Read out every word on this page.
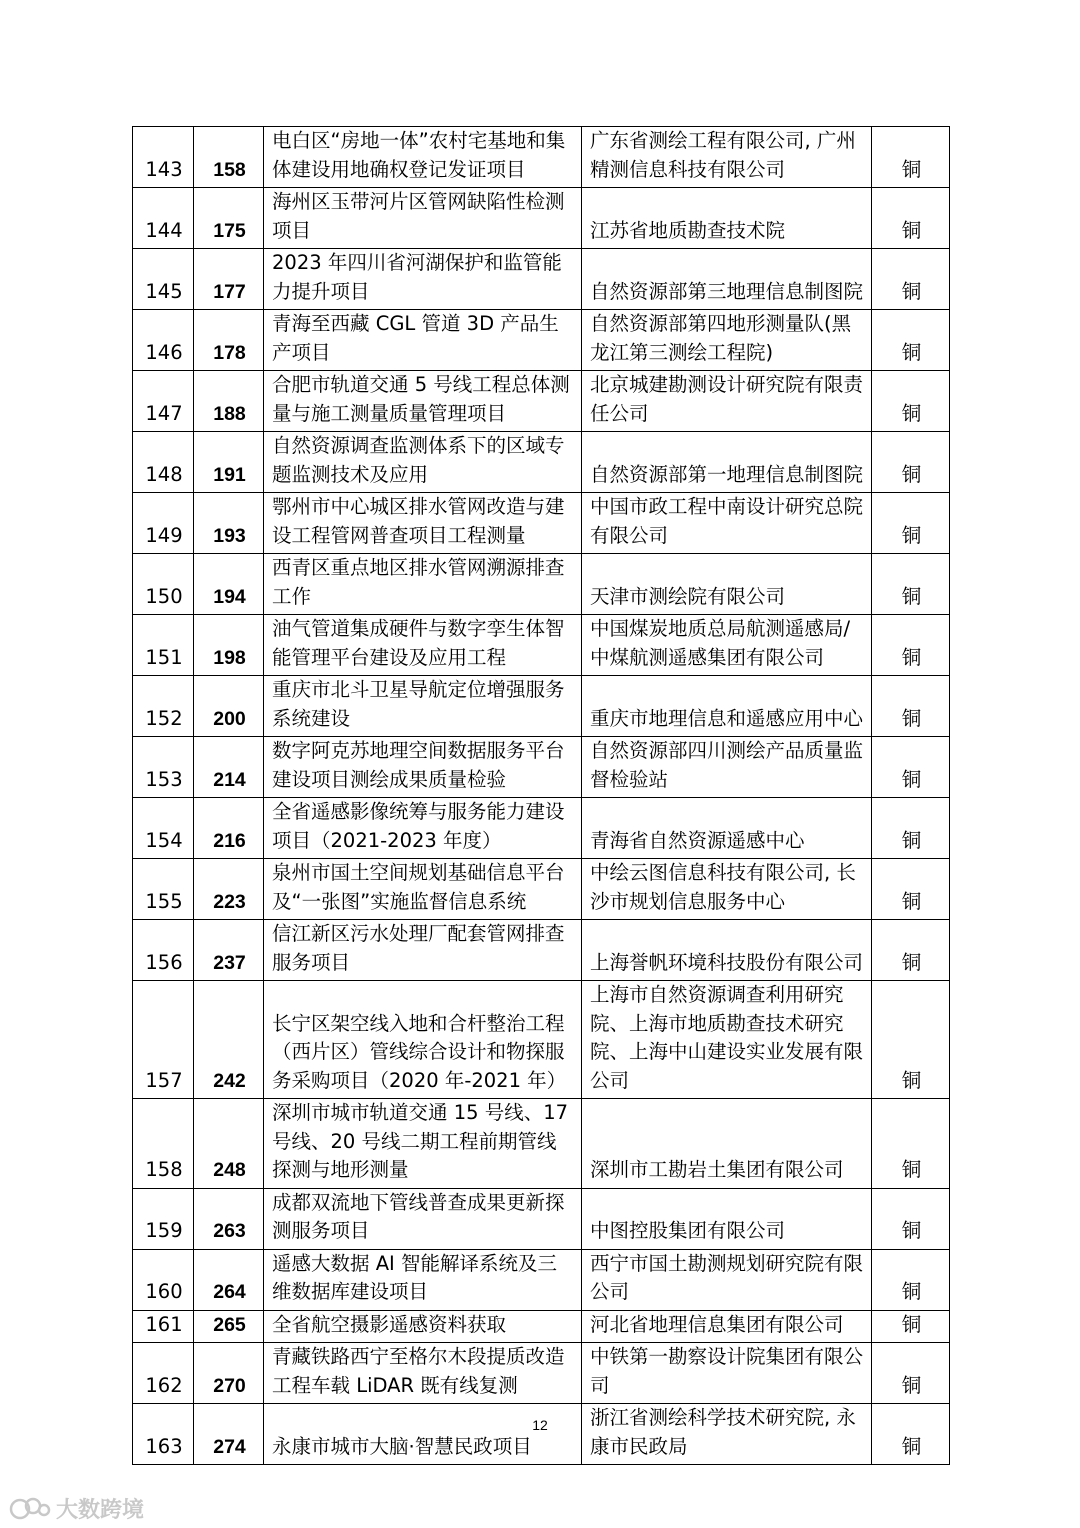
143	158	电白区“房地一体”农村宅基地和集体建设用地确权登记发证项目	广东省测绘工程有限公司, 广州精测信息科技有限公司	铜
144	175	海州区玉带河片区管网缺陷性检测项目	江苏省地质勘查技术院	铜
145	177	2023 年四川省河湖保护和监管能力提升项目	自然资源部第三地理信息制图院	铜
146	178	青海至西藏 CGL 管道 3D 产品生产项目	自然资源部第四地形测量队(黑龙江第三测绘工程院)	铜
147	188	合肥市轨道交通 5 号线工程总体测量与施工测量质量管理项目	北京城建勘测设计研究院有限责任公司	铜
148	191	自然资源调查监测体系下的区域专题监测技术及应用	自然资源部第一地理信息制图院	铜
149	193	鄂州市中心城区排水管网改造与建设工程管网普查项目工程测量	中国市政工程中南设计研究总院有限公司	铜
150	194	西青区重点地区排水管网溯源排查工作	天津市测绘院有限公司	铜
151	198	油气管道集成硬件与数字孪生体智能管理平台建设及应用工程	中国煤炭地质总局航测遥感局/中煤航测遥感集团有限公司	铜
152	200	重庆市北斗卫星导航定位增强服务系统建设	重庆市地理信息和遥感应用中心	铜
153	214	数字阿克苏地理空间数据服务平台建设项目测绘成果质量检验	自然资源部四川测绘产品质量监督检验站	铜
154	216	全省遥感影像统筹与服务能力建设项目（2021-2023 年度）	青海省自然资源遥感中心	铜
155	223	泉州市国土空间规划基础信息平台及“一张图”实施监督信息系统	中绘云图信息科技有限公司, 长沙市规划信息服务中心	铜
156	237	信江新区污水处理厂配套管网排查服务项目	上海誉帆环境科技股份有限公司	铜
157	242	长宁区架空线入地和合杆整治工程（西片区）管线综合设计和物探服务采购项目（2020 年-2021 年）	上海市自然资源调查利用研究院、上海市地质勘查技术研究院、上海中山建设实业发展有限公司	铜
158	248	深圳市城市轨道交通 15 号线、17 号线、20 号线二期工程前期管线探测与地形测量	深圳市工勘岩土集团有限公司	铜
159	263	成都双流地下管线普查成果更新探测服务项目	中图控股集团有限公司	铜
160	264	遥感大数据 AI 智能解译系统及三维数据库建设项目	西宁市国土勘测规划研究院有限公司	铜
161	265	全省航空摄影遥感资料获取	河北省地理信息集团有限公司	铜
162	270	青藏铁路西宁至格尔木段提质改造工程车载 LiDAR 既有线复测	中铁第一勘察设计院集团有限公司	铜
163	274	永康市城市大脑·智慧民政项目	浙江省测绘科学技术研究院, 永康市民政局	铜
12
大数跨境
